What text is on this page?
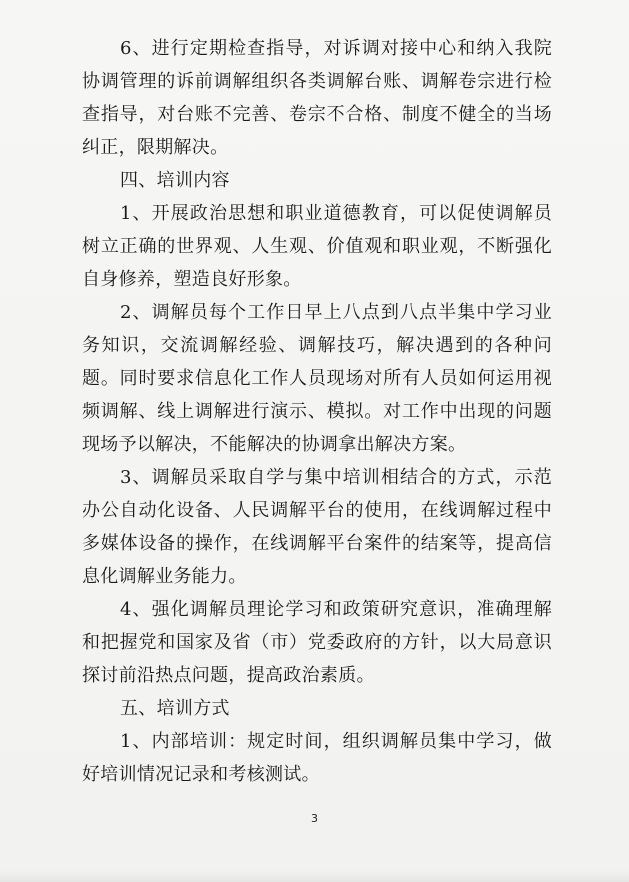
6、进行定期检查指导，对诉调对接中心和纳入我院协调管理的诉前调解组织各类调解台账、调解卷宗进行检查指导，对台账不完善、卷宗不合格、制度不健全的当场纠正，限期解决。

四、培训内容

1、开展政治思想和职业道德教育，可以促使调解员树立正确的世界观、人生观、价值观和职业观，不断强化自身修养，塑造良好形象。

2、调解员每个工作日早上八点到八点半集中学习业务知识，交流调解经验、调解技巧，解决遇到的各种问题。同时要求信息化工作人员现场对所有人员如何运用视频调解、线上调解进行演示、模拟。对工作中出现的问题现场予以解决，不能解决的协调拿出解决方案。

3、调解员采取自学与集中培训相结合的方式，示范办公自动化设备、人民调解平台的使用，在线调解过程中多媒体设备的操作，在线调解平台案件的结案等，提高信息化调解业务能力。

4、强化调解员理论学习和政策研究意识，准确理解和把握党和国家及省（市）党委政府的方针，以大局意识探讨前沿热点问题，提高政治素质。

五、培训方式

1、内部培训：规定时间，组织调解员集中学习，做好培训情况记录和考核测试。

3
